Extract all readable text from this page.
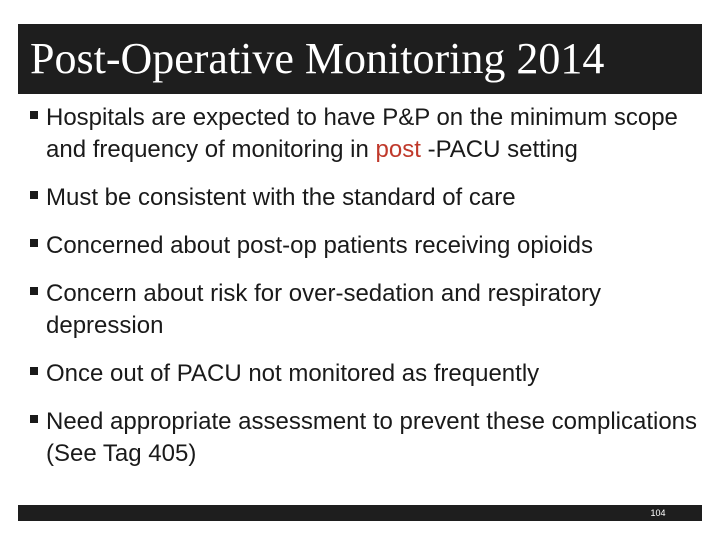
Post-Operative Monitoring 2014
Hospitals are expected to have P&P on the minimum scope and frequency of monitoring in post -PACU setting
Must be consistent with the standard of care
Concerned about post-op patients receiving opioids
Concern about risk for over-sedation and respiratory depression
Once out of PACU not monitored as frequently
Need appropriate assessment to prevent these complications (See Tag 405)
104
